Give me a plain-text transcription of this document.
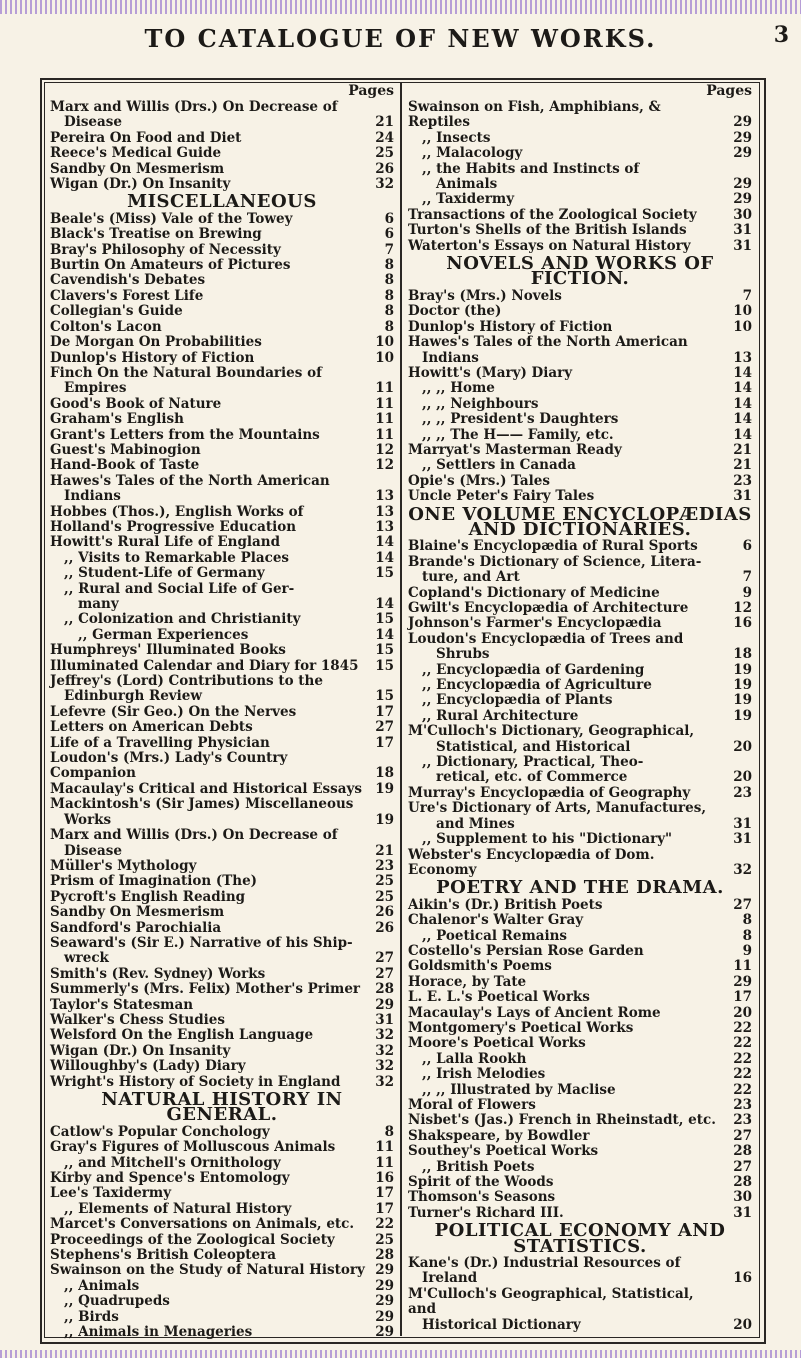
TO CATALOGUE OF NEW WORKS.	3
Pages
Marx and Willis (Drs.) On Decrease of
Disease	21
Pereira On Food and Diet	24
Reece's Medical Guide	25
Sandby On Mesmerism	26
Wigan (Dr.) On Insanity	32
MISCELLANEOUS
Beale's (Miss) Vale of the Towey	6
Black's Treatise on Brewing	6
Bray's Philosophy of Necessity	7
Burtin On Amateurs of Pictures	8
Cavendish's Debates	8
Clavers's Forest Life	8
Collegian's Guide	8
Colton's Lacon	8
De Morgan On Probabilities	10
Dunlop's History of Fiction	10
Finch On the Natural Boundaries of
Empires	11
Good's Book of Nature	11
Graham's English	11
Grant's Letters from the Mountains	11
Guest's Mabinogion	12
Hand-Book of Taste	12
Hawes's Tales of the North American
Indians	13
Hobbes (Thos.), English Works of	13
Holland's Progressive Education	13
Howitt's Rural Life of England	14
,, Visits to Remarkable Places	14
,, Student-Life of Germany	15
,, Rural and Social Life of Ger-
many	14
,, Colonization and Christianity	15
,, German Experiences	14
Humphreys' Illuminated Books	15
Illuminated Calendar and Diary for 1845	15
Jeffrey's (Lord) Contributions to the
Edinburgh Review	15
Lefevre (Sir Geo.) On the Nerves	17
Letters on American Debts	27
Life of a Travelling Physician	17
Loudon's (Mrs.) Lady's Country Companion	18
Macaulay's Critical and Historical Essays 19
Mackintosh's (Sir James) Miscellaneous
Works	19
Marx and Willis (Drs.) On Decrease of
Disease	21
Müller's Mythology	23
Prism of Imagination (The)	25
Pycroft's English Reading	25
Sandby On Mesmerism	26
Sandford's Parochialia	26
Seaward's (Sir E.) Narrative of his Ship-
wreck	27
Smith's (Rev. Sydney) Works	27
Summerly's (Mrs. Felix) Mother's Primer	28
Taylor's Statesman	29
Walker's Chess Studies	31
Welsford On the English Language	32
Wigan (Dr.) On Insanity	32
Willoughby's (Lady) Diary	32
Wright's History of Society in England	32
NATURAL HISTORY IN GENERAL.
Catlow's Popular Conchology	8
Gray's Figures of Molluscous Animals	11
,, and Mitchell's Ornithology	11
Kirby and Spence's Entomology	16
Lee's Taxidermy	17
,, Elements of Natural History	17
Marcet's Conversations on Animals, etc.	22
Proceedings of the Zoological Society	25
Stephens's British Coleoptera	28
Swainson on the Study of Natural History 29
,, Animals	29
,, Quadrupeds	29
,, Birds	29
,, Animals in Menageries	29
Pages
Swainson on Fish, Amphibians, & Reptiles	29
,, Insects	29
,, Malacology	29
,, the Habits and Instincts of
Animals	29
,, Taxidermy	29
Transactions of the Zoological Society	30
Turton's Shells of the British Islands	31
Waterton's Essays on Natural History	31
NOVELS AND WORKS OF FICTION.
Bray's (Mrs.) Novels	7
Doctor (the)	10
Dunlop's History of Fiction	10
Hawes's Tales of the North American
Indians	13
Howitt's (Mary) Diary	14
,, ,, Home	14
,, ,, Neighbours	14
,, ,, President's Daughters	14
,, ,, The H—— Family, etc.	14
Marryat's Masterman Ready	21
,, Settlers in Canada	21
Opie's (Mrs.) Tales	23
Uncle Peter's Fairy Tales	31
ONE VOLUME ENCYCLOPÆDIAS AND DICTIONARIES.
Blaine's Encyclopædia of Rural Sports	6
Brande's Dictionary of Science, Litera-
ture, and Art	7
Copland's Dictionary of Medicine	9
Gwilt's Encyclopædia of Architecture	12
Johnson's Farmer's Encyclopædia	16
Loudon's Encyclopædia of Trees and
Shrubs	18
,, Encyclopædia of Gardening	19
,, Encyclopædia of Agriculture	19
,, Encyclopædia of Plants	19
,, Rural Architecture	19
M'Culloch's Dictionary, Geographical,
Statistical, and Historical	20
,, Dictionary, Practical, Theo-
retical, etc. of Commerce	20
Murray's Encyclopædia of Geography	23
Ure's Dictionary of Arts, Manufactures,
and Mines	31
,, Supplement to his "Dictionary"	31
Webster's Encyclopædia of Dom. Economy	32
POETRY AND THE DRAMA.
Aikin's (Dr.) British Poets	27
Chalenor's Walter Gray	8
,, Poetical Remains	8
Costello's Persian Rose Garden	9
Goldsmith's Poems	11
Horace, by Tate	29
L. E. L.'s Poetical Works	17
Macaulay's Lays of Ancient Rome	20
Montgomery's Poetical Works	22
Moore's Poetical Works	22
,, Lalla Rookh	22
,, Irish Melodies	22
,, ,, Illustrated by Maclise	22
Moral of Flowers	23
Nisbet's (Jas.) French in Rheinstadt, etc.	23
Shakspeare, by Bowdler	27
Southey's Poetical Works	28
,, British Poets	27
Spirit of the Woods	28
Thomson's Seasons	30
Turner's Richard III.	31
POLITICAL ECONOMY AND STATISTICS.
Kane's (Dr.) Industrial Resources of
Ireland	16
M'Culloch's Geographical, Statistical, and
Historical Dictionary	20
